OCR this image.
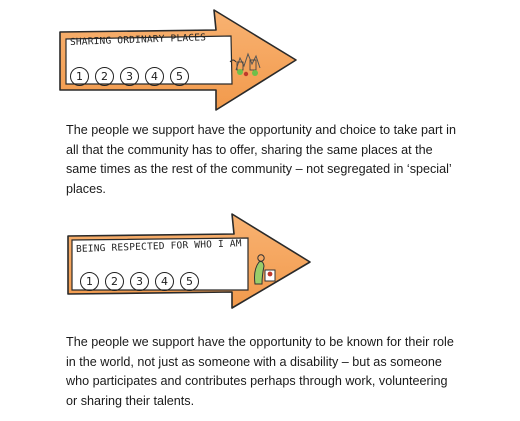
SHARING ORDINARY PLACES
1	2	3	4	5

The people we support have the opportunity and choice to take part in
all that the community has to offer, sharing the same places at the
same times as the rest of the community – not segregated in ‘special’
places.

BEING RESPECTED FOR WHO I AM
1	2	3	4	5

The people we support have the opportunity to be known for their role
in the world, not just as someone with a disability – but as someone
who participates and contributes perhaps through work, volunteering
or sharing their talents.
